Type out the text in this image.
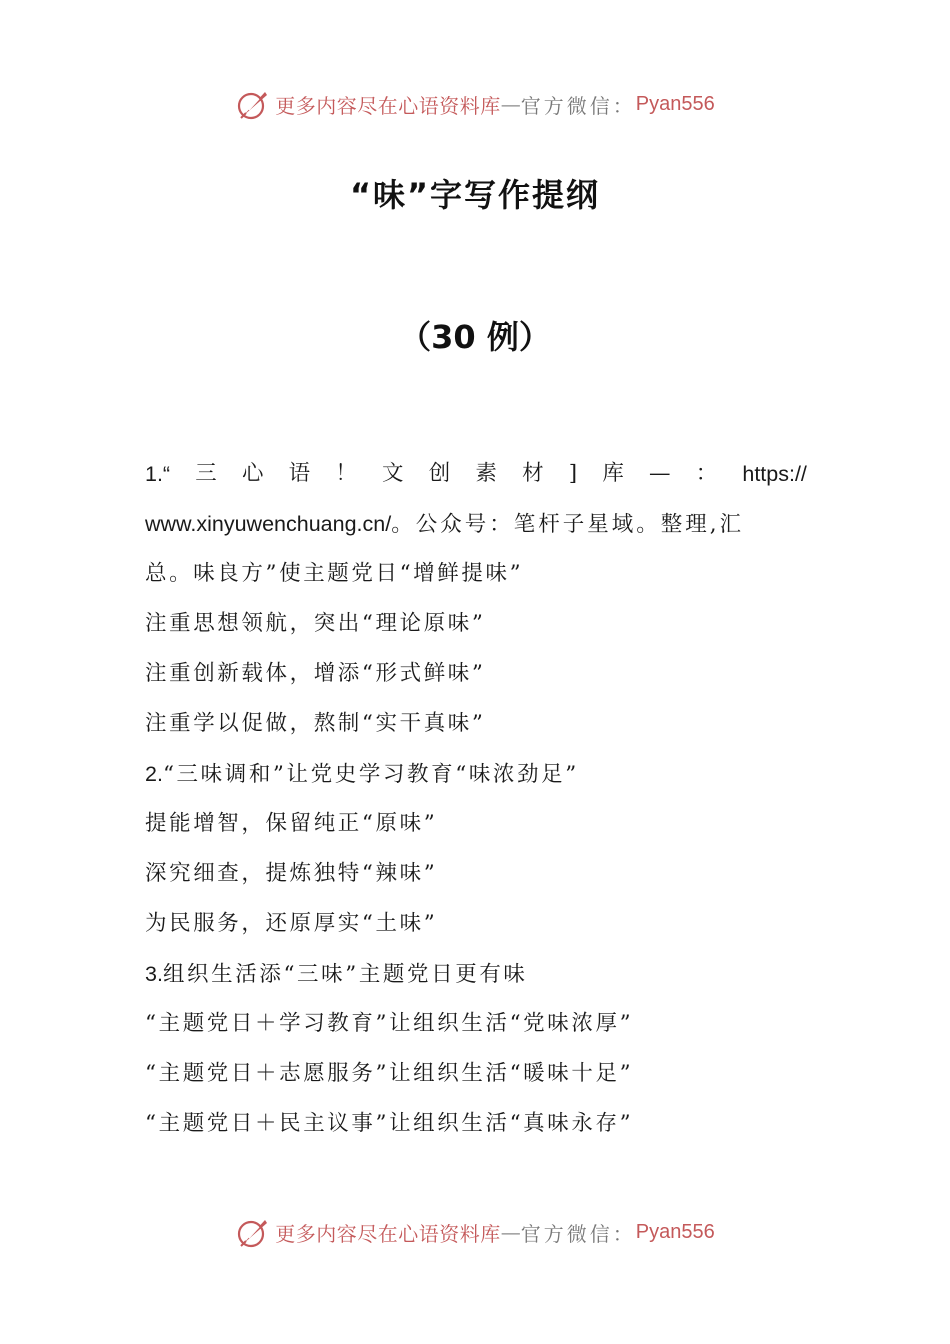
更多内容尽在心语资料库 — 官方微信： Pyan556
“味”字写作提纲
（30 例）
1.“ 三 心 语 ！ 文 创 素 材 ] 库 — ： https://
www.xinyuwenchuang.cn/。公众号：笔杆子星域。整理,汇
总。味良方”使主题党日“增鲜提味”
注重思想领航，突出“理论原味”
注重创新载体，增添“形式鲜味”
注重学以促做，熬制“实干真味”
2.“三味调和”让党史学习教育“味浓劲足”
提能增智，保留纯正“原味”
深究细查，提炼独特“辣味”
为民服务，还原厚实“土味”
3.组织生活添“三味”主题党日更有味
“主题党日＋学习教育”让组织生活“党味浓厚”
“主题党日＋志愿服务”让组织生活“暖味十足”
“主题党日＋民主议事”让组织生活“真味永存”
更多内容尽在心语资料库 — 官方微信： Pyan556
